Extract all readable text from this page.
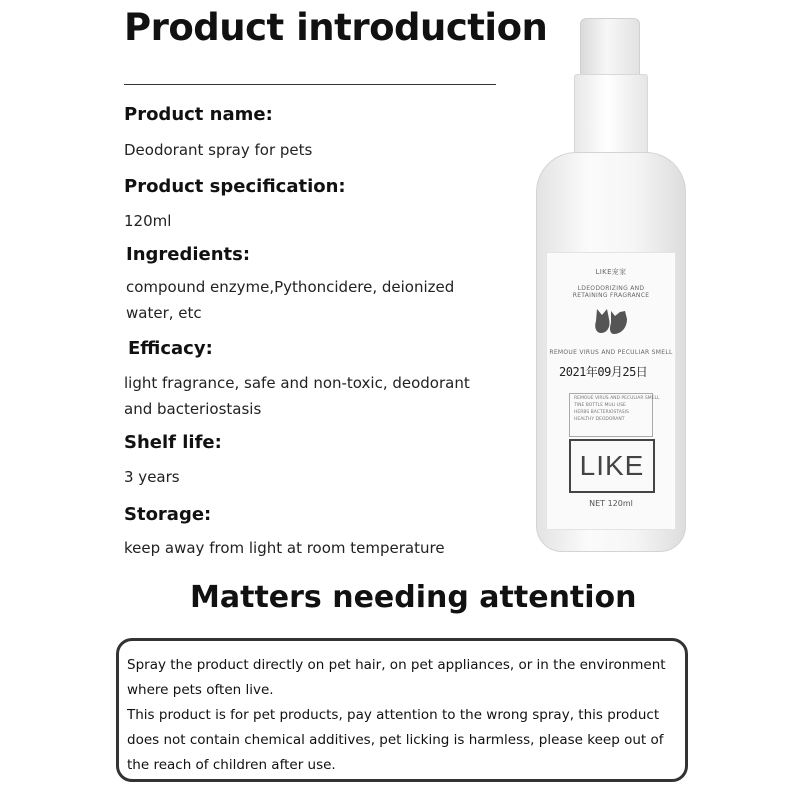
Product introduction
Product name:
Deodorant spray for pets
Product specification:
120ml
Ingredients:
compound enzyme,Pythoncidere, deionized water, etc
Efficacy:
light fragrance, safe and non-toxic, deodorant and bacteriostasis
Shelf life:
3 years
Storage:
keep away from light at room temperature
LIKE宠家
LDEODORIZING AND RETAINING FRAGRANCE
REMOUE VIRUS AND PECULIAR SMELL
2021年09月25日
REMOUE VIRUS AND PECULIAR SMELL
TINE BOTTLE MULI USE
HERBS BACTERIOSTASIS
HEALTHY DEODORANT
LIKE
NET 120ml
Matters needing attention

Spray the product directly on pet hair, on pet appliances, or in the environment where pets often live.

This product is for pet products, pay attention to the wrong spray, this product does not contain chemical additives, pet licking is harmless, please keep out of the reach of children after use.
